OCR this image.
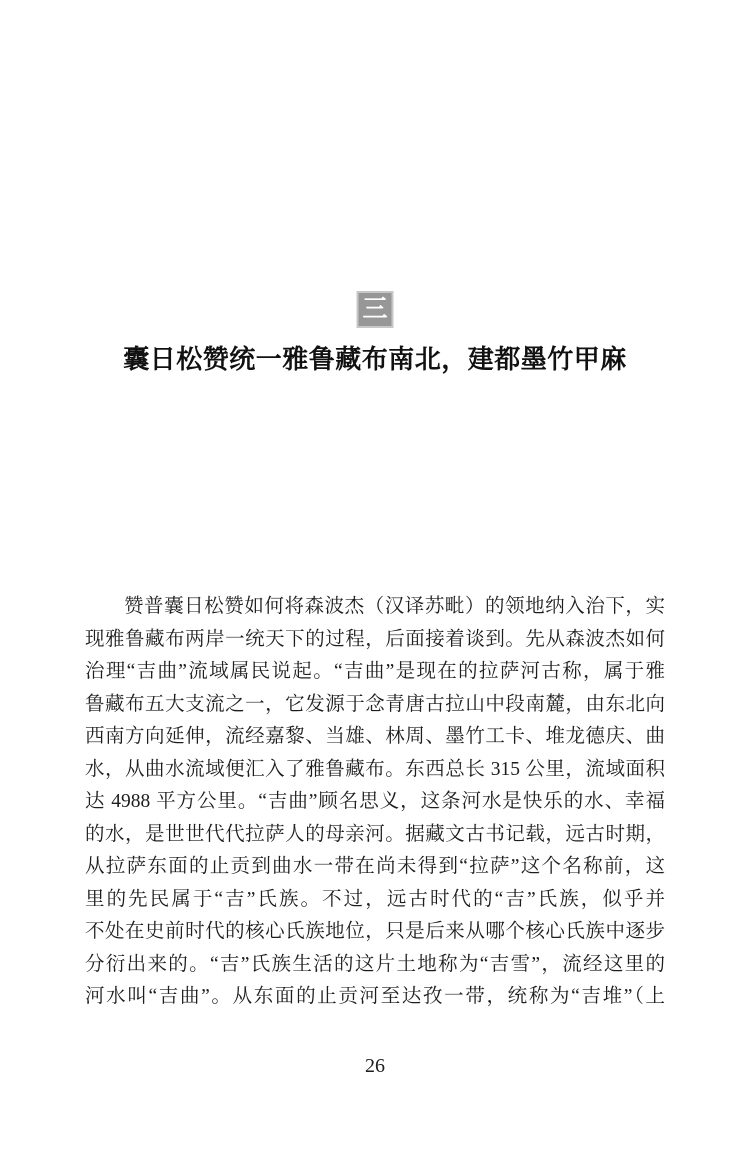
三
囊日松赞统一雅鲁藏布南北，建都墨竹甲麻
赞普囊日松赞如何将森波杰（汉译苏毗）的领地纳入治下，实
现雅鲁藏布两岸一统天下的过程，后面接着谈到。先从森波杰如何
治理“吉曲”流域属民说起。“吉曲”是现在的拉萨河古称，属于雅
鲁藏布五大支流之一，它发源于念青唐古拉山中段南麓，由东北向
西南方向延伸，流经嘉黎、当雄、林周、墨竹工卡、堆龙德庆、曲
水，从曲水流域便汇入了雅鲁藏布。东西总长 315 公里，流域面积
达 4988 平方公里。“吉曲”顾名思义，这条河水是快乐的水、幸福
的水，是世世代代拉萨人的母亲河。据藏文古书记载，远古时期，
从拉萨东面的止贡到曲水一带在尚未得到“拉萨”这个名称前，这
里的先民属于“吉”氏族。不过，远古时代的“吉”氏族，似乎并
不处在史前时代的核心氏族地位，只是后来从哪个核心氏族中逐步
分衍出来的。“吉”氏族生活的这片土地称为“吉雪”，流经这里的
河水叫“吉曲”。从东面的止贡河至达孜一带，统称为“吉堆”（上
26
